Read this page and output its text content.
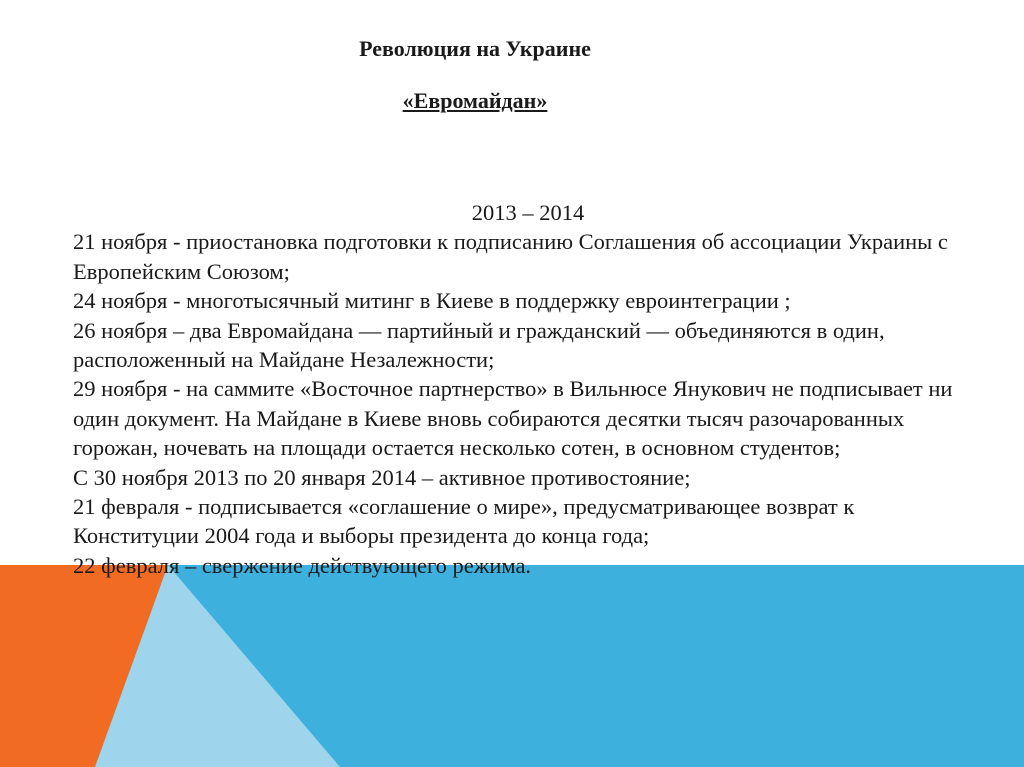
Революция на Украине
«Евромайдан»
2013 – 2014

21 ноября - приостановка подготовки к подписанию Соглашения об ассоциации Украины с Европейским Союзом;

24 ноября - многотысячный митинг в Киеве в поддержку евроинтеграции ;

26 ноября – два Евромайдана — партийный и гражданский — объединяются в один, расположенный на Майдане Незалежности;

29 ноября - на саммите «Восточное партнерство» в Вильнюсе Янукович не подписывает ни один документ. На Майдане в Киеве вновь собираются десятки тысяч разочарованных горожан, ночевать на площади остается несколько сотен, в основном студентов;

С 30 ноября 2013 по 20 января 2014 – активное противостояние;

21 февраля - подписывается «соглашение о мире», предусматривающее возврат к Конституции 2004 года и выборы президента до конца года;

22 февраля – свержение действующего режима.
